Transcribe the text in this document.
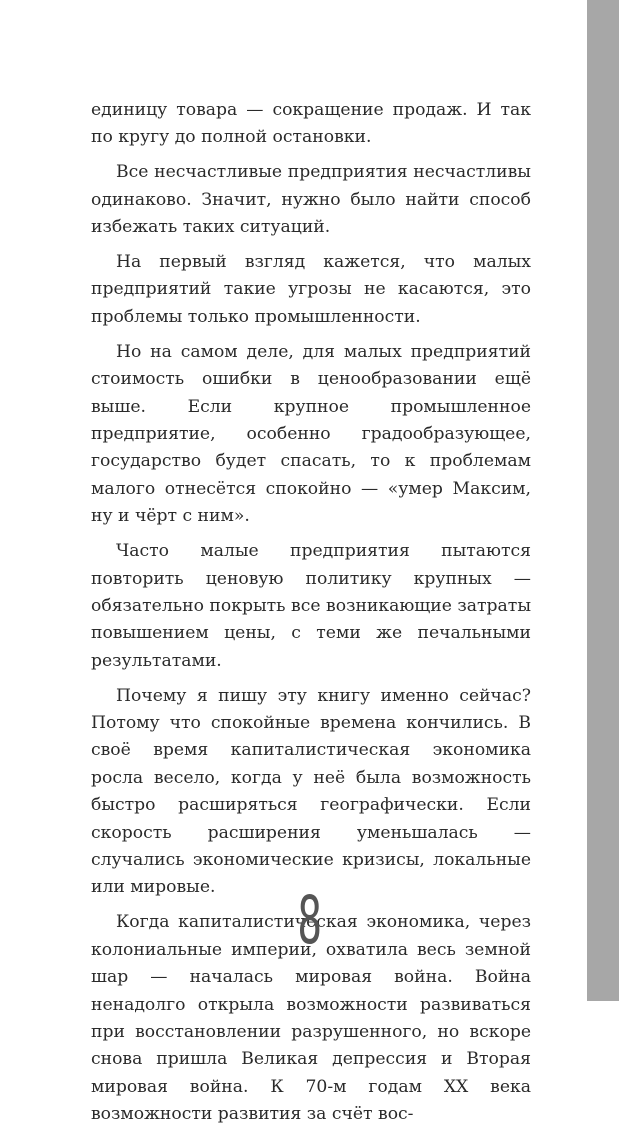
единицу товара — сокращение продаж. И так по кругу до полной остановки.

Все несчастливые предприятия несчастливы одинаково. Значит, нужно было найти способ избежать таких ситуаций.

На первый взгляд кажется, что малых предприятий такие угрозы не касаются, это проблемы только промышленности.

Но на самом деле, для малых предприятий стоимость ошибки в ценообразовании ещё выше. Если крупное промышленное предприятие, особенно градообразующее, государство будет спасать, то к проблемам малого отнесётся спокойно — «умер Максим, ну и чёрт с ним».

Часто малые предприятия пытаются повторить ценовую политику крупных — обязательно покрыть все возникающие затраты повышением цены, с теми же печальными результатами.

Почему я пишу эту книгу именно сейчас? Потому что спокойные времена кончились. В своё время капиталистическая экономика росла весело, когда у неё была возможность быстро расширяться географически. Если скорость расширения уменьшалась — случались экономические кризисы, локальные или мировые.

Когда капиталистическая экономика, через колониальные империи, охватила весь земной шар — началась мировая война. Война ненадолго открыла возможности развиваться при восстановлении разрушенного, но вскоре снова пришла Великая депрессия и Вторая мировая война. К 70-м годам XX века возможности развития за счёт вос-

8
